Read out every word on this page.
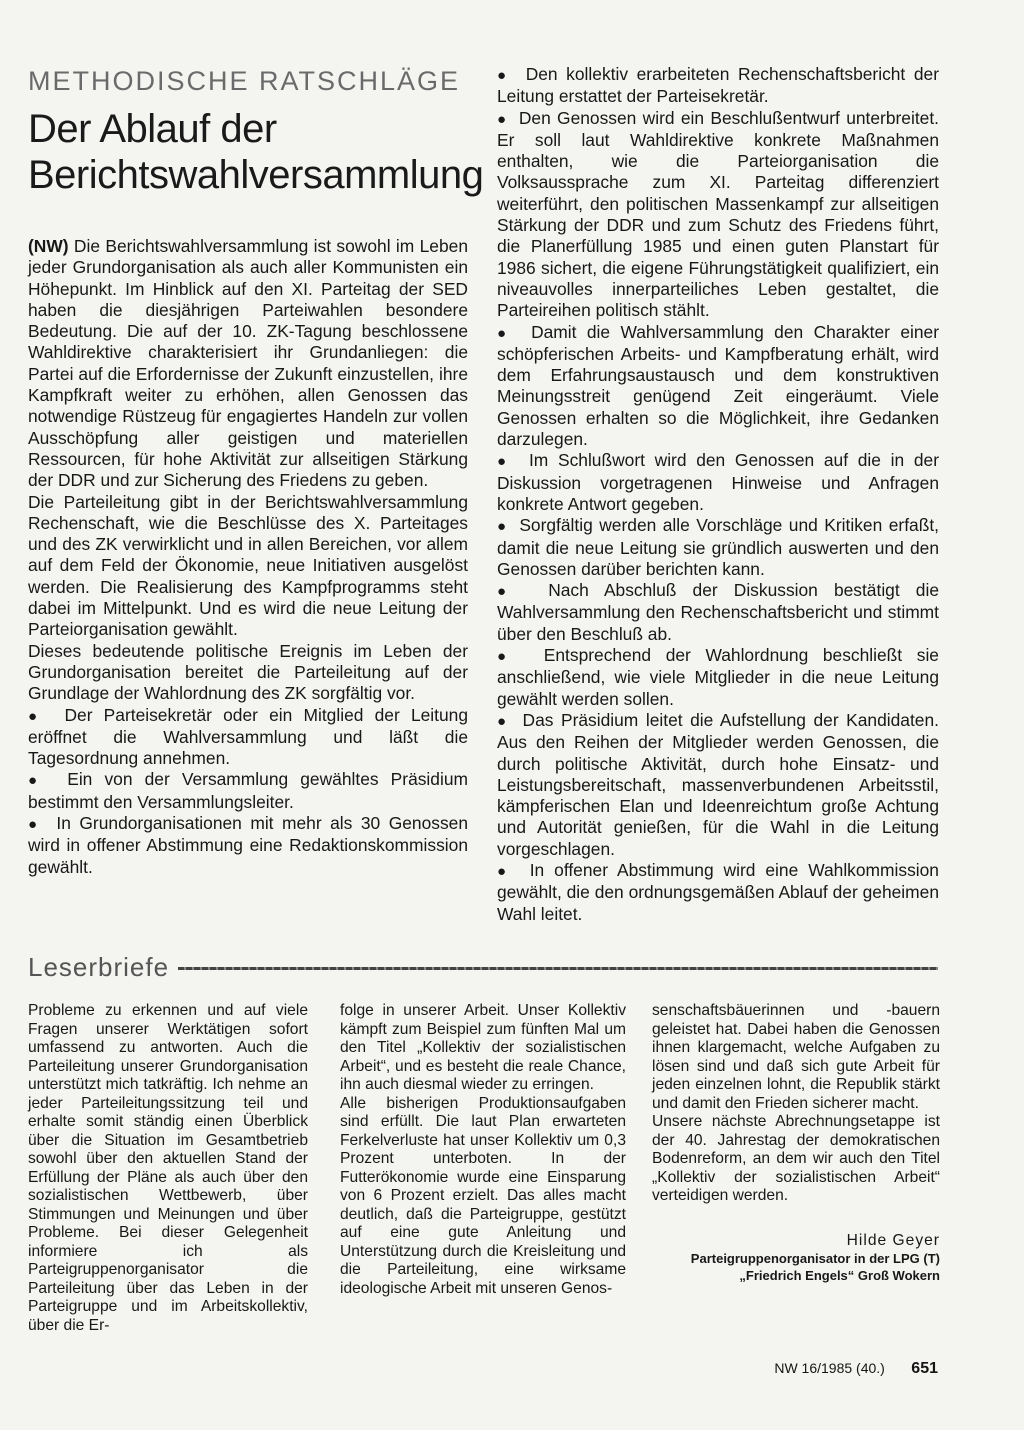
METHODISCHE RATSCHLÄGE
Der Ablauf der
Berichtswahlversammlung

(NW) Die Berichtswahlversammlung ist sowohl im Leben jeder Grundorganisation als auch aller Kommunisten ein Höhepunkt. Im Hinblick auf den XI. Parteitag der SED haben die diesjährigen Parteiwahlen besondere Bedeutung. Die auf der 10. ZK-Tagung beschlossene Wahldirektive charakterisiert ihr Grundanliegen: die Partei auf die Erfordernisse der Zukunft einzustellen, ihre Kampfkraft weiter zu erhöhen, allen Genossen das notwendige Rüstzeug für engagiertes Handeln zur vollen Ausschöpfung aller geistigen und materiellen Ressourcen, für hohe Aktivität zur allseitigen Stärkung der DDR und zur Sicherung des Friedens zu geben.

Die Parteileitung gibt in der Berichtswahlversammlung Rechenschaft, wie die Beschlüsse des X. Parteitages und des ZK verwirklicht und in allen Bereichen, vor allem auf dem Feld der Ökonomie, neue Initiativen ausgelöst werden. Die Realisierung des Kampfprogramms steht dabei im Mittelpunkt. Und es wird die neue Leitung der Parteiorganisation gewählt.

Dieses bedeutende politische Ereignis im Leben der Grundorganisation bereitet die Parteileitung auf der Grundlage der Wahlordnung des ZK sorgfältig vor.

●  Der Parteisekretär oder ein Mitglied der Leitung eröffnet die Wahlversammlung und läßt die Tagesordnung annehmen.

●  Ein von der Versammlung gewähltes Präsidium bestimmt den Versammlungsleiter.

●  In Grundorganisationen mit mehr als 30 Genossen wird in offener Abstimmung eine Redaktionskommission gewählt.

●  Den kollektiv erarbeiteten Rechenschaftsbericht der Leitung erstattet der Parteisekretär.

●  Den Genossen wird ein Beschlußentwurf unterbreitet. Er soll laut Wahldirektive konkrete Maßnahmen enthalten, wie die Parteiorganisation die Volksaussprache zum XI. Parteitag differenziert weiterführt, den politischen Massenkampf zur allseitigen Stärkung der DDR und zum Schutz des Friedens führt, die Planerfüllung 1985 und einen guten Planstart für 1986 sichert, die eigene Führungstätigkeit qualifiziert, ein niveauvolles innerparteiliches Leben gestaltet, die Parteireihen politisch stählt.

●  Damit die Wahlversammlung den Charakter einer schöpferischen Arbeits- und Kampfberatung erhält, wird dem Erfahrungsaustausch und dem konstruktiven Meinungsstreit genügend Zeit eingeräumt. Viele Genossen erhalten so die Möglichkeit, ihre Gedanken darzulegen.

●  Im Schlußwort wird den Genossen auf die in der Diskussion vorgetragenen Hinweise und Anfragen konkrete Antwort gegeben.

●  Sorgfältig werden alle Vorschläge und Kritiken erfaßt, damit die neue Leitung sie gründlich auswerten und den Genossen darüber berichten kann.

●  Nach Abschluß der Diskussion bestätigt die Wahlversammlung den Rechenschaftsbericht und stimmt über den Beschluß ab.

●  Entsprechend der Wahlordnung beschließt sie anschließend, wie viele Mitglieder in die neue Leitung gewählt werden sollen.

●  Das Präsidium leitet die Aufstellung der Kandidaten. Aus den Reihen der Mitglieder werden Genossen, die durch politische Aktivität, durch hohe Einsatz- und Leistungsbereitschaft, massenverbundenen Arbeitsstil, kämpferischen Elan und Ideenreichtum große Achtung und Autorität genießen, für die Wahl in die Leitung vorgeschlagen.

●  In offener Abstimmung wird eine Wahlkommission gewählt, die den ordnungsgemäßen Ablauf der geheimen Wahl leitet.

Leserbriefe

Probleme zu erkennen und auf viele Fragen unserer Werktätigen sofort umfassend zu antworten. Auch die Parteileitung unserer Grundorganisation unterstützt mich tatkräftig. Ich nehme an jeder Parteileitungssitzung teil und erhalte somit ständig einen Überblick über die Situation im Gesamtbetrieb sowohl über den aktuellen Stand der Erfüllung der Pläne als auch über den sozialistischen Wettbewerb, über Stimmungen und Meinungen und über Probleme. Bei dieser Gelegenheit informiere ich als Parteigruppenorganisator die Parteileitung über das Leben in der Parteigruppe und im Arbeitskollektiv, über die Er-

folge in unserer Arbeit. Unser Kollektiv kämpft zum Beispiel zum fünften Mal um den Titel „Kollektiv der sozialistischen Arbeit“, und es besteht die reale Chance, ihn auch diesmal wieder zu erringen.

Alle bisherigen Produktionsaufgaben sind erfüllt. Die laut Plan erwarteten Ferkelverluste hat unser Kollektiv um 0,3 Prozent unterboten. In der Futterökonomie wurde eine Einsparung von 6 Prozent erzielt. Das alles macht deutlich, daß die Parteigruppe, gestützt auf eine gute Anleitung und Unterstützung durch die Kreisleitung und die Parteileitung, eine wirksame ideologische Arbeit mit unseren Genos-

senschaftsbäuerinnen und -bauern geleistet hat. Dabei haben die Genossen ihnen klargemacht, welche Aufgaben zu lösen sind und daß sich gute Arbeit für jeden einzelnen lohnt, die Republik stärkt und damit den Frieden sicherer macht.

Unsere nächste Abrechnungsetappe ist der 40. Jahrestag der demokratischen Bodenreform, an dem wir auch den Titel „Kollektiv der sozialistischen Arbeit“ verteidigen werden.

Hilde Geyer
Parteigruppenorganisator in der LPG (T)
„Friedrich Engels“ Groß Wokern
NW 16/1985 (40.) 651
